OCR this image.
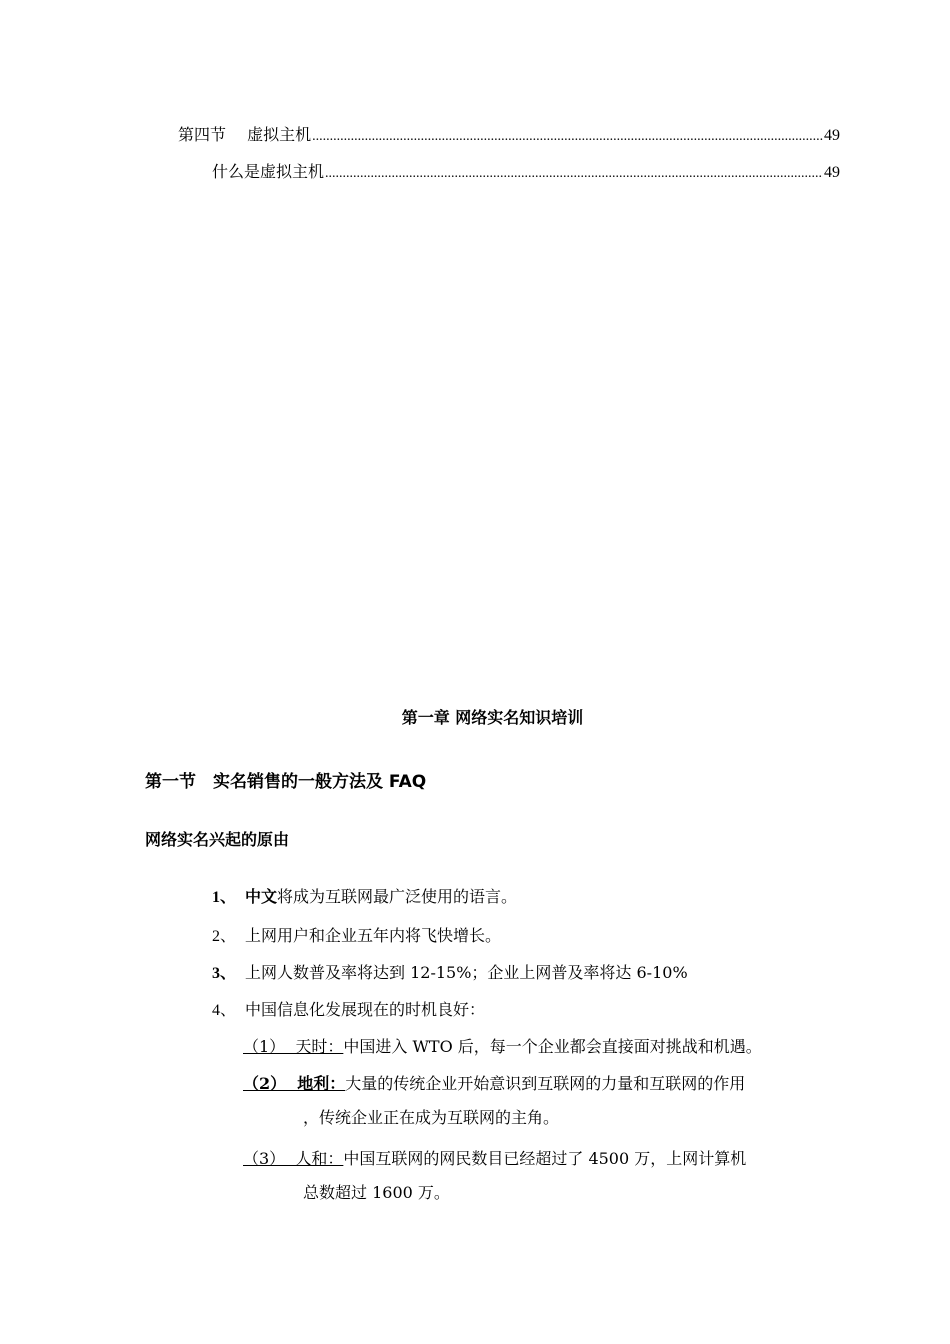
第四节　 虚拟主机 .....	49
什么是虚拟主机 .....	49
第一章 网络实名知识培训
第一节　实名销售的一般方法及 FAQ
网络实名兴起的原由
1、 中文将成为互联网最广泛使用的语言。
2、 上网用户和企业五年内将飞快增长。
3、 上网人数普及率将达到 12-15%；企业上网普及率将达 6-10%
4、 中国信息化发展现在的时机良好：
（1）  天时：中国进入 WTO 后，每一个企业都会直接面对挑战和机遇。
（2）  地利：大量的传统企业开始意识到互联网的力量和互联网的作用
，传统企业正在成为互联网的主角。
（3）  人和：中国互联网的网民数目已经超过了 4500 万，上网计算机
总数超过 1600 万。
